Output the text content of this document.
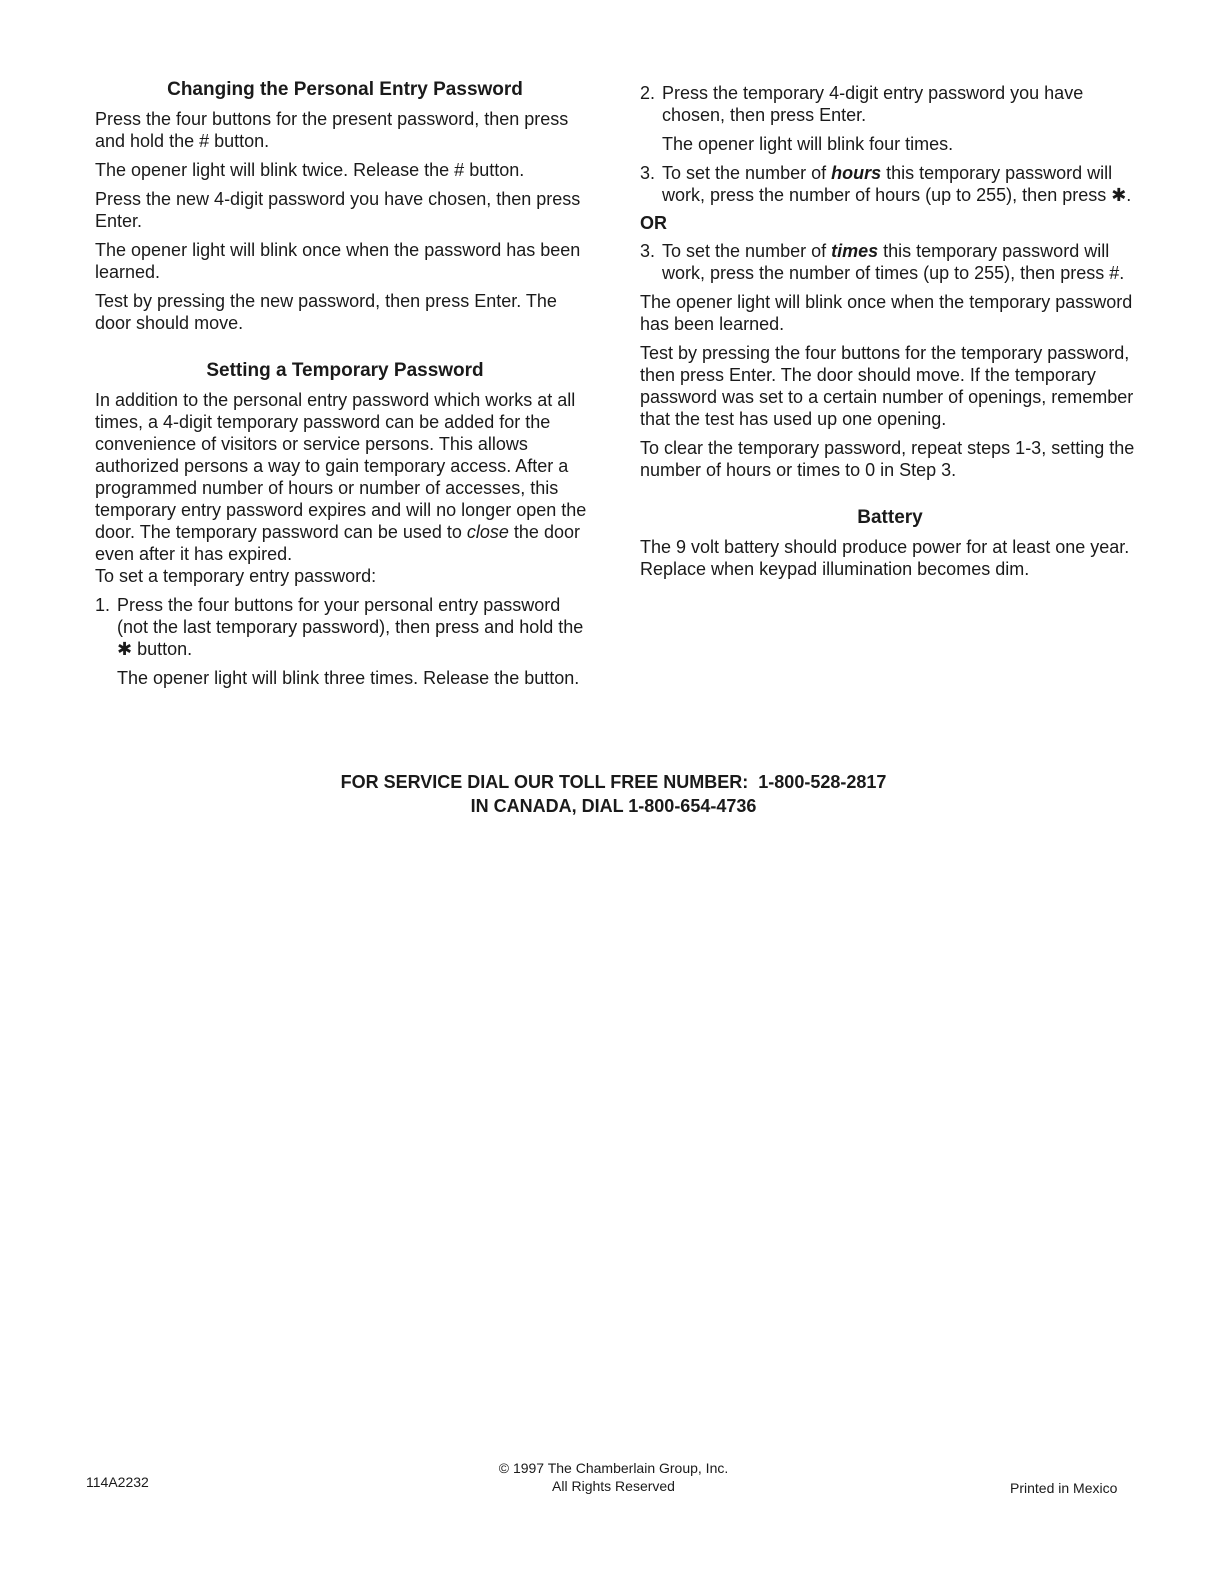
Changing the Personal Entry Password

Press the four buttons for the present password, then press and hold the # button.

The opener light will blink twice. Release the # button.

Press the new 4-digit password you have chosen, then press Enter.

The opener light will blink once when the password has been learned.

Test by pressing the new password, then press Enter. The door should move.

Setting a Temporary Password

In addition to the personal entry password which works at all times, a 4-digit temporary password can be added for the convenience of visitors or service persons. This allows authorized persons a way to gain temporary access. After a programmed number of hours or number of accesses, this temporary entry password expires and will no longer open the door. The temporary password can be used to close the door even after it has expired.

To set a temporary entry password:

1. Press the four buttons for your personal entry password (not the last temporary password), then press and hold the ✱ button.

The opener light will blink three times. Release the button.

2. Press the temporary 4-digit entry password you have chosen, then press Enter.

The opener light will blink four times.

3. To set the number of hours this temporary password will work, press the number of hours (up to 255), then press ✱.
OR
3. To set the number of times this temporary password will work, press the number of times (up to 255), then press #.

The opener light will blink once when the temporary password has been learned.

Test by pressing the four buttons for the temporary password, then press Enter. The door should move. If the temporary password was set to a certain number of openings, remember that the test has used up one opening.

To clear the temporary password, repeat steps 1-3, setting the number of hours or times to 0 in Step 3.

Battery

The 9 volt battery should produce power for at least one year. Replace when keypad illumination becomes dim.

FOR SERVICE DIAL OUR TOLL FREE NUMBER:  1-800-528-2817
IN CANADA, DIAL 1-800-654-4736
114A2232
© 1997 The Chamberlain Group, Inc.
All Rights Reserved	Printed in Mexico
